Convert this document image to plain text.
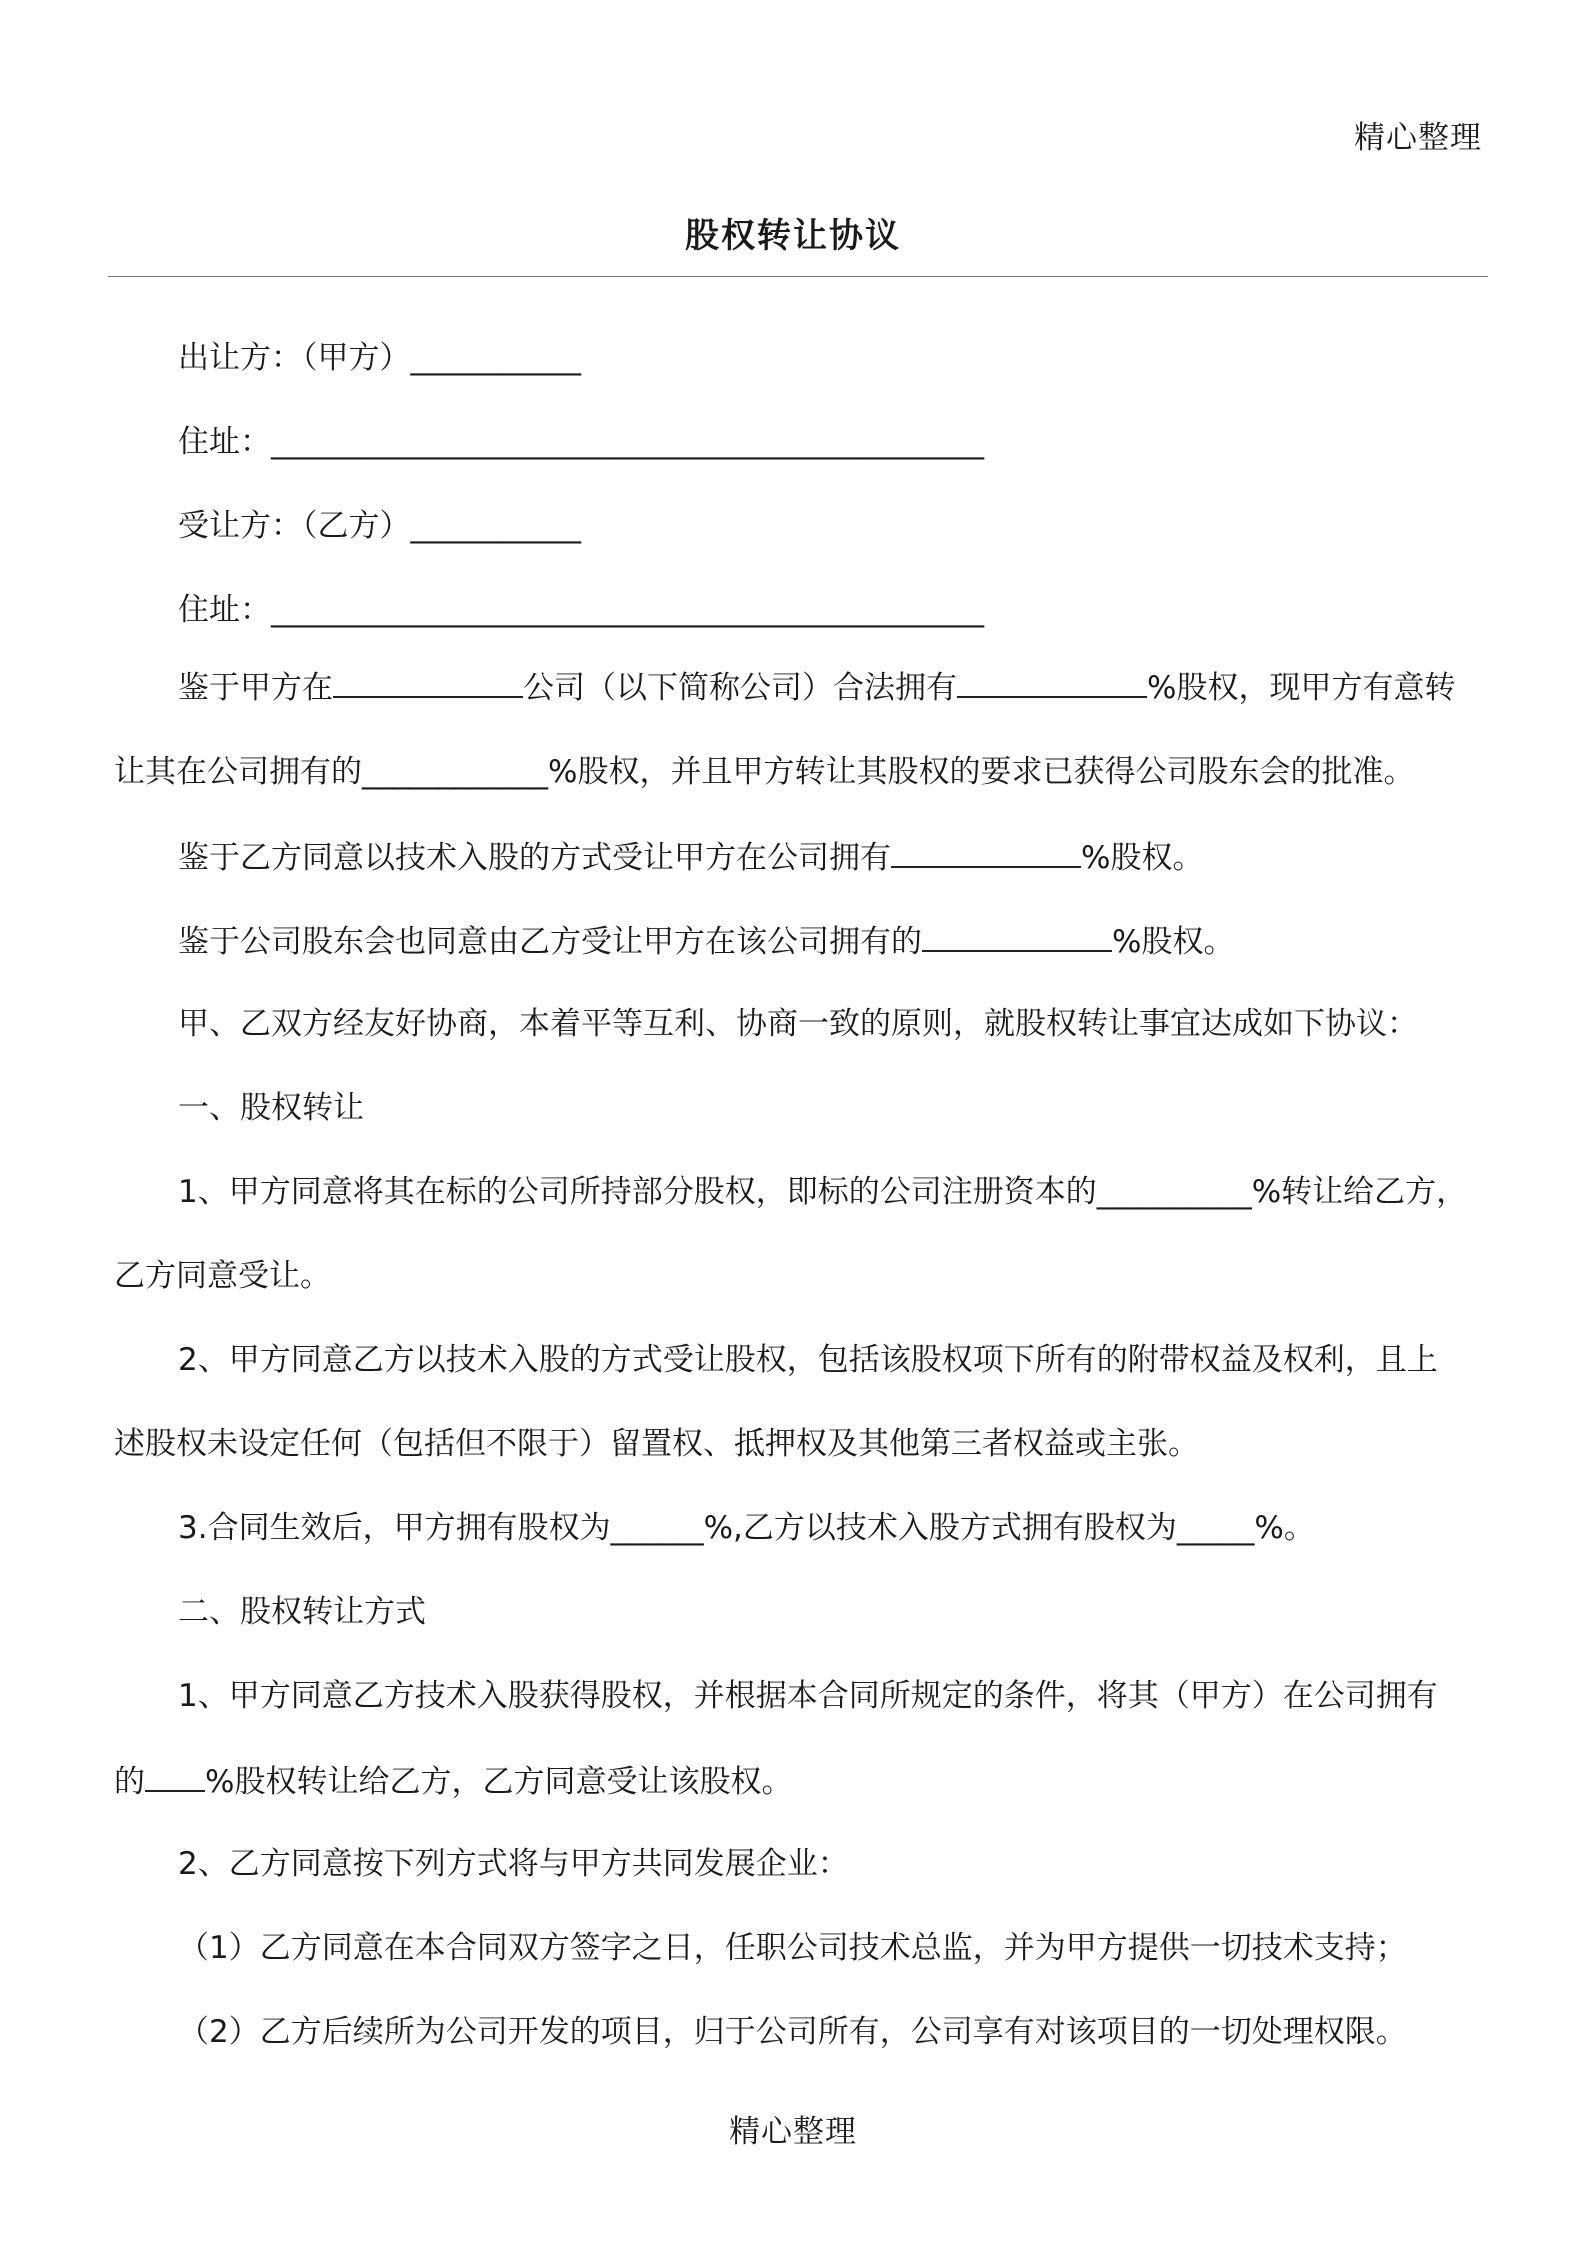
精心整理
股权转让协议
出让方：（甲方）___________
住址：______________________________________________
受让方：（乙方）___________
住址：______________________________________________
鉴于甲方在	公司（以下简称公司）合法拥有	%股权，现甲方有意转
让其在公司拥有的____________%股权，并且甲方转让其股权的要求已获得公司股东会的批准。
鉴于乙方同意以技术入股的方式受让甲方在公司拥有	%股权。
鉴于公司股东会也同意由乙方受让甲方在该公司拥有的	%股权。
甲、乙双方经友好协商，本着平等互利、协商一致的原则，就股权转让事宜达成如下协议：
一、股权转让
1、甲方同意将其在标的公司所持部分股权，即标的公司注册资本的__________%转让给乙方，
乙方同意受让。
2、甲方同意乙方以技术入股的方式受让股权，包括该股权项下所有的附带权益及权利，且上
述股权未设定任何（包括但不限于）留置权、抵押权及其他第三者权益或主张。
3.合同生效后，甲方拥有股权为______%,乙方以技术入股方式拥有股权为_____%。
二、股权转让方式
1、甲方同意乙方技术入股获得股权，并根据本合同所规定的条件，将其（甲方）在公司拥有
的 %股权转让给乙方，乙方同意受让该股权。
2、乙方同意按下列方式将与甲方共同发展企业：
（1）乙方同意在本合同双方签字之日，任职公司技术总监，并为甲方提供一切技术支持；
（2）乙方后续所为公司开发的项目，归于公司所有，公司享有对该项目的一切处理权限。
精心整理
